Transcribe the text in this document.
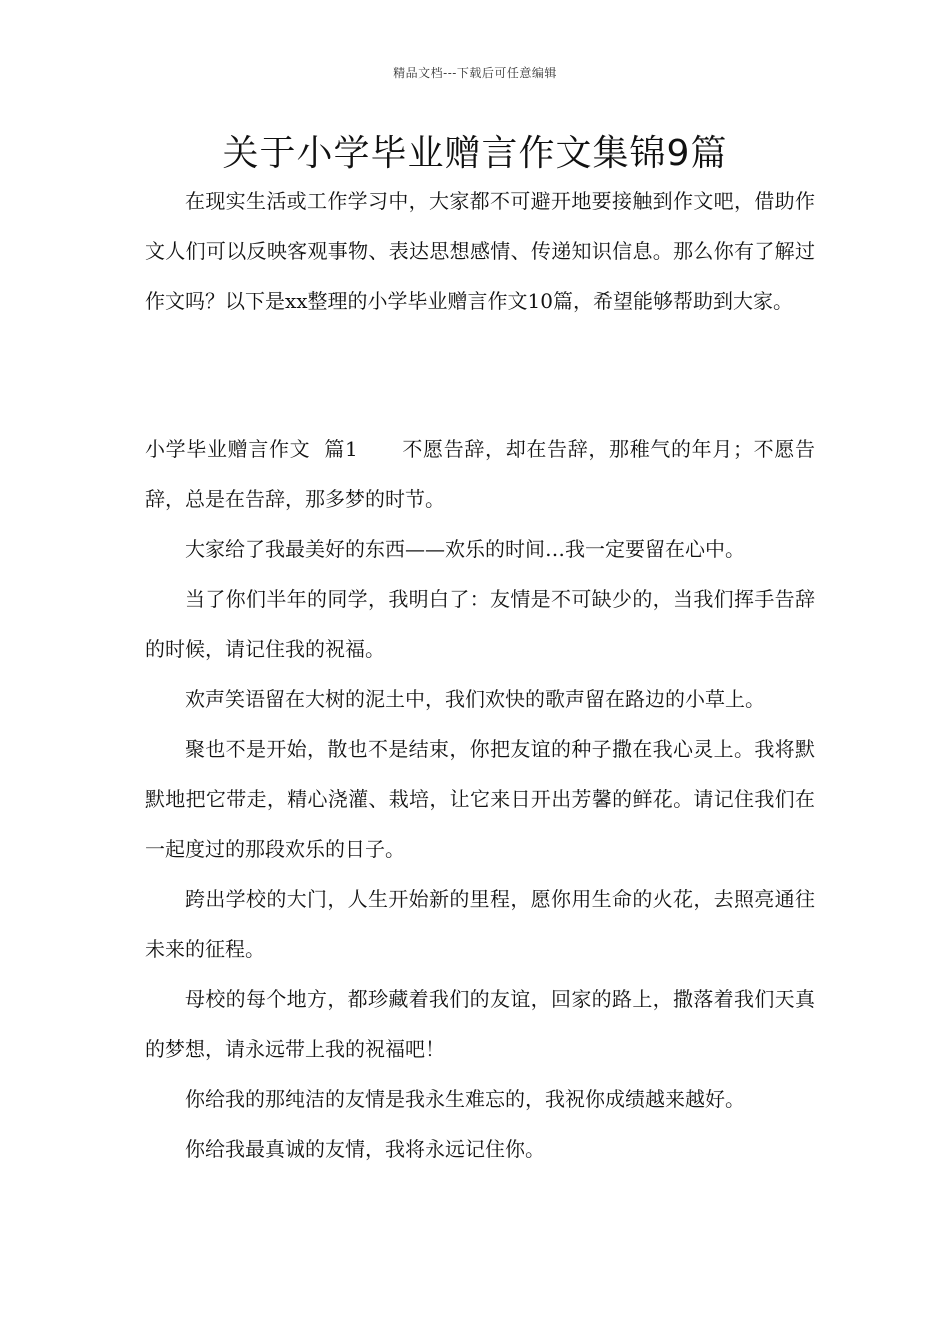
精品文档---下载后可任意编辑
关于小学毕业赠言作文集锦9篇

在现实生活或工作学习中，大家都不可避开地要接触到作文吧，借助作文人们可以反映客观事物、表达思想感情、传递知识信息。那么你有了解过作文吗？以下是xx整理的小学毕业赠言作文10篇，希望能够帮助到大家。

小学毕业赠言作文  篇1 不愿告辞，却在告辞，那稚气的年月；不愿告辞，总是在告辞，那多梦的时节。

大家给了我最美好的东西——欢乐的时间…我一定要留在心中。

当了你们半年的同学，我明白了：友情是不可缺少的，当我们挥手告辞的时候，请记住我的祝福。

欢声笑语留在大树的泥土中，我们欢快的歌声留在路边的小草上。

聚也不是开始，散也不是结束，你把友谊的种子撒在我心灵上。我将默默地把它带走，精心浇灌、栽培，让它来日开出芳馨的鲜花。请记住我们在一起度过的那段欢乐的日子。

跨出学校的大门，人生开始新的里程，愿你用生命的火花，去照亮通往未来的征程。

母校的每个地方，都珍藏着我们的友谊，回家的路上，撒落着我们天真的梦想，请永远带上我的祝福吧！

你给我的那纯洁的友情是我永生难忘的，我祝你成绩越来越好。

你给我最真诚的友情，我将永远记住你。
